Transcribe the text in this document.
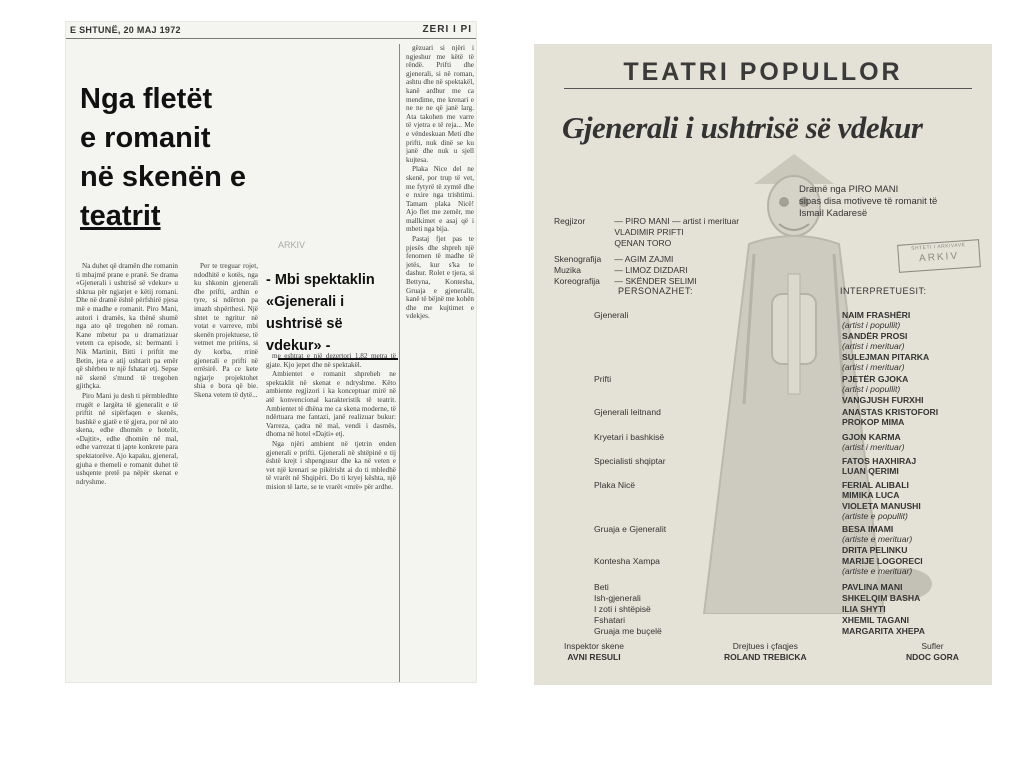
E SHTUNË, 20 MAJ 1972	ZERI I PI
Nga fletët
e romanit
në skenën e
teatrit
ARKIV
- Mbi spektaklin
«Gjenerali i
ushtrisë së
vdekur» -

Na duhet që dramën dhe romanin ti mbajmë prane e pranë. Se drama «Gjenerali i ushtrisë së vdekur» u shkrua për ngjarjet e këtij romani. Dhe në dramë është përfshirë pjesa më e madhe e romanit. Piro Mani, autori i dramës, ka thënë shumë nga ato që tregohen në roman. Kane mbetur pa u dramatizuar vetem ca episode, si: bermanti i Nik Martinit, Bitti i priftit me Betin, jeta e atij ushtarit pa emër që shërbeu te një fshatar etj. Sepse në skenë s'mund të tregohen gjithçka.

Piro Mani ju desh ti përmbledhte rrugët e largëta të gjeneralit e të priftit në sipërfaqen e skenës, bashkë e gjatë e të gjera, por në ato skena, edhe dhomën e hotelit, «Dajtit», edhe dhomën në mal, edhe varrezat ti japte konkrete para spektatorëve. Ajo kapaku, gjeneral, gjuha e themeli e romanit duhet të ushqente pretë pa nëpër skenat e ndryshme.

Per te treguar rojet, ndodhitë e kotës, nga ku shkonin gjenerali dhe prifti, ardhin e tyre, si ndërton pa imazh shpërthesi. Një shtet te ngritur në votat e varreve, mbi skenën projektuese, të vetmet me pritëns, si dy korba, rrinë gjenerali e prifti në errësirë. Pa ce kete ngjarje projektohet shia e bora që bie. Skena vetem të dytë...

me eshtrat e një dezertori 1.82 metra të gjate. Kjo jepet dhe në spektakël.

Ambientet e romanit shpreheh ne spektaklit në skenat e ndryshme. Këto ambiente regjizori i ka konceptuar mirë në atë konvencional karakteristik të teatrit. Ambientet të dhëna me ca skena moderne, të ndërtuara me fantazi, janë realizuar bukur: Varreza, çadra në mal, vendi i dasmës, dhoma në hotel «Dajti» etj.

Nga njëri ambient në tjetrin enden gjenerali e prifti. Gjenerali në shtëpinë e tij është krejt i shpengusur dhe ka në veten e vet një krenari se pikërisht ai do ti mbledhë të vrarët në Shqipëri. Do ti kryej kështa, një mision të larte, se te vrarët «mrë» për ardhe.

gëzuari si njëri i ngjeshur me këtë të rëndë. Prifti dhe gjenerali, si në roman, ashtu dhe në spektakël, kanë ardhur me ca mendime, me krenari e ne ne ne që janë larg. Ata takohen me varre të vjetra e të reja... Me e vëndeskuan Meti dhe prifti, nuk dinë se ku janë dhe nuk u sjell kujtesa.

Plaka Nice del ne skenë, por trup të vet, me fytyrë të zymtë dhe e nxire nga trishtimi. Tamam plaka Nicë! Ajo flet me zemër, me mallkimet e asaj që i mbeti nga bija.

Pastaj fjet pas te pjesës dhe shpreh një fenomen të madhe të jetës, kur s'ka te dashur. Rolet e tjera, si Bettyna, Kontesha, Gruaja e gjeneralit, kanë të bëjnë me kohën dhe me kujtimet e vdekjes.

TEATRI POPULLOR
Gjenerali i ushtrisë së vdekur
Dramë nga PIRO MANI
sipas disa motiveve të romanit të
Ismail Kadaresë
SHTETI I ARKIVAVE
ARKIV
Regjizor	— PIRO MANI — artist i merituar
VLADIMIR PRIFTI
QENAN TORO
Skenografija — AGIM ZAJMI
Muzika	— LIMOZ DIZDARI
Koreografija — SKËNDER SELIMI
PERSONAZHET:	INTERPRETUESIT:
Gjenerali	NAIM FRASHËRI
(artist i popullit)
SANDËR PROSI
(artist i merituar)
SULEJMAN PITARKA
(artist i merituar)
Prifti	PJETËR GJOKA
(artist i popullit)
VANGJUSH FURXHI
Gjenerali leitnand	ANASTAS KRISTOFORI
PROKOP MIMA
Kryetari i bashkisë	GJON KARMA
(artist i merituar)
Specialisti shqiptar	FATOS HAXHIRAJ
LUAN QERIMI
Plaka Nicë	FERIAL ALIBALI
MIMIKA LUCA
VIOLETA MANUSHI
(artiste e popullit)
Gruaja e Gjeneralit	BESA IMAMI
(artiste e merituar)
DRITA PELINKU
Kontesha Xampa	MARIJE LOGORECI
(artiste e merituar)
Beti	PAVLINA MANI
Ish-gjenerali	SHKELQIM BASHA
I zoti i shtëpisë	ILIA SHYTI
Fshatari	XHEMIL TAGANI
Gruaja me buçelë	MARGARITA XHEPA
Inspektor skene
AVNI RESULI
Drejtues i çfaqjes
ROLAND TREBICKA
Sufler
NDOC GORA
